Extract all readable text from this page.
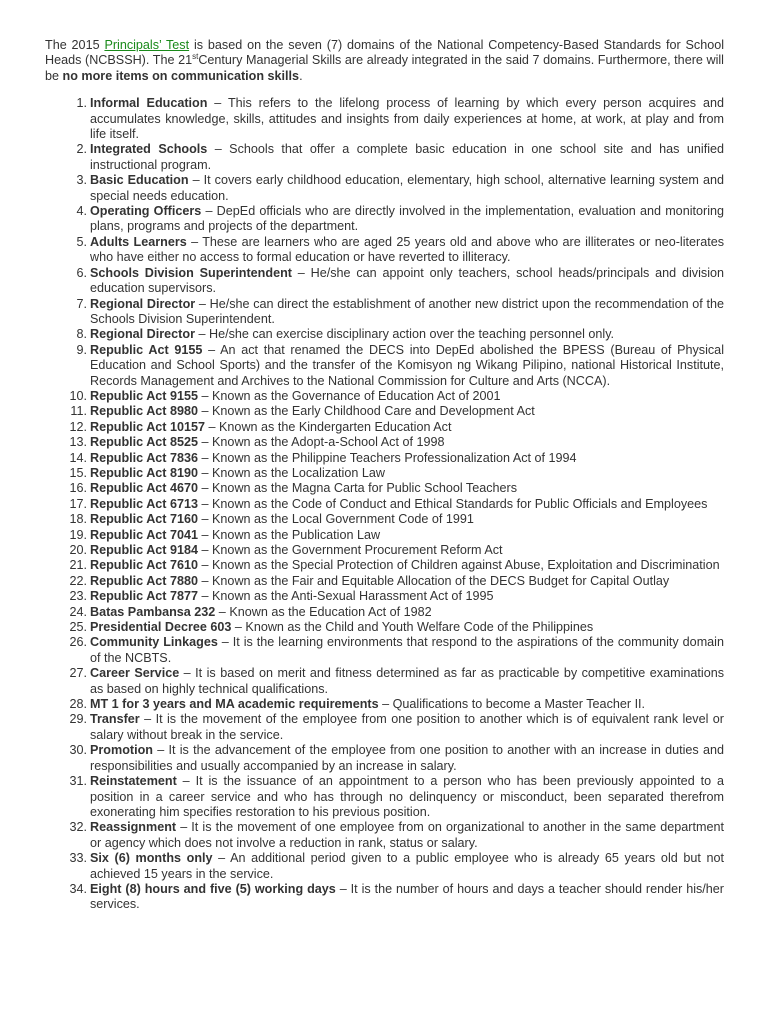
The 2015 Principals’ Test is based on the seven (7) domains of the National Competency-Based Standards for School Heads (NCBSSH). The 21stCentury Managerial Skills are already integrated in the said 7 domains. Furthermore, there will be no more items on communication skills.

1. Informal Education – This refers to the lifelong process of learning by which every person acquires and accumulates knowledge, skills, attitudes and insights from daily experiences at home, at work, at play and from life itself.
2. Integrated Schools – Schools that offer a complete basic education in one school site and has unified instructional program.
3. Basic Education – It covers early childhood education, elementary, high school, alternative learning system and special needs education.
4. Operating Officers – DepEd officials who are directly involved in the implementation, evaluation and monitoring plans, programs and projects of the department.
5. Adults Learners – These are learners who are aged 25 years old and above who are illiterates or neo-literates who have either no access to formal education or have reverted to illiteracy.
6. Schools Division Superintendent – He/she can appoint only teachers, school heads/principals and division education supervisors.
7. Regional Director – He/she can direct the establishment of another new district upon the recommendation of the Schools Division Superintendent.
8. Regional Director – He/she can exercise disciplinary action over the teaching personnel only.
9. Republic Act 9155 – An act that renamed the DECS into DepEd abolished the BPESS (Bureau of Physical Education and School Sports) and the transfer of the Komisyon ng Wikang Pilipino, national Historical Institute, Records Management and Archives to the National Commission for Culture and Arts (NCCA).
10. Republic Act 9155 – Known as the Governance of Education Act of 2001
11. Republic Act 8980 – Known as the Early Childhood Care and Development Act
12. Republic Act 10157 – Known as the Kindergarten Education Act
13. Republic Act 8525 – Known as the Adopt-a-School Act of 1998
14. Republic Act 7836 – Known as the Philippine Teachers Professionalization Act of 1994
15. Republic Act 8190 – Known as the Localization Law
16. Republic Act 4670 – Known as the Magna Carta for Public School Teachers
17. Republic Act 6713 – Known as the Code of Conduct and Ethical Standards for Public Officials and Employees
18. Republic Act 7160 – Known as the Local Government Code of 1991
19. Republic Act 7041 – Known as the Publication Law
20. Republic Act 9184 – Known as the Government Procurement Reform Act
21. Republic Act 7610 – Known as the Special Protection of Children against Abuse, Exploitation and Discrimination
22. Republic Act 7880 – Known as the Fair and Equitable Allocation of the DECS Budget for Capital Outlay
23. Republic Act 7877 – Known as the Anti-Sexual Harassment Act of 1995
24. Batas Pambansa 232 – Known as the Education Act of 1982
25. Presidential Decree 603 – Known as the Child and Youth Welfare Code of the Philippines
26. Community Linkages – It is the learning environments that respond to the aspirations of the community domain of the NCBTS.
27. Career Service – It is based on merit and fitness determined as far as practicable by competitive examinations as based on highly technical qualifications.
28. MT 1 for 3 years and MA academic requirements – Qualifications to become a Master Teacher II.
29. Transfer – It is the movement of the employee from one position to another which is of equivalent rank level or salary without break in the service.
30. Promotion – It is the advancement of the employee from one position to another with an increase in duties and responsibilities and usually accompanied by an increase in salary.
31. Reinstatement – It is the issuance of an appointment to a person who has been previously appointed to a position in a career service and who has through no delinquency or misconduct, been separated therefrom exonerating him specifies restoration to his previous position.
32. Reassignment – It is the movement of one employee from on organizational to another in the same department or agency which does not involve a reduction in rank, status or salary.
33. Six (6) months only – An additional period given to a public employee who is already 65 years old but not achieved 15 years in the service.
34. Eight (8) hours and five (5) working days – It is the number of hours and days a teacher should render his/her services.
